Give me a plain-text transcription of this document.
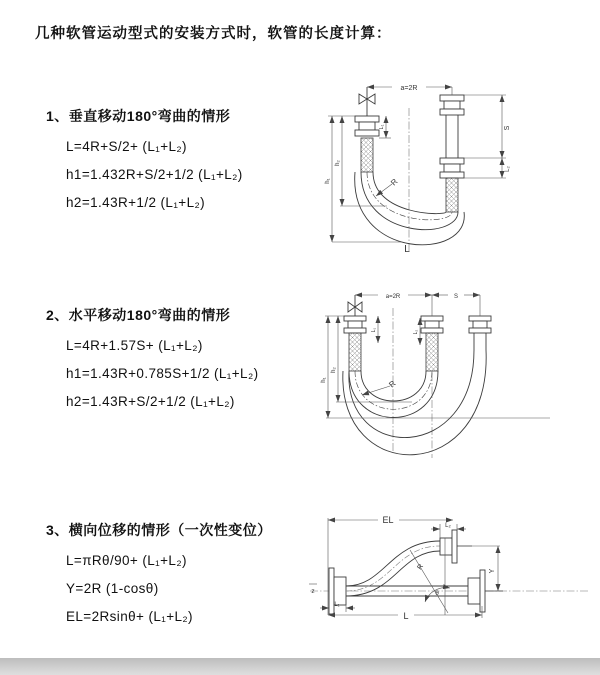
几种软管运动型式的安装方式时，软管的长度计算：
1、垂直移动180°弯曲的情形
L=4R+S/2+ (L₁+L₂)
h1=1.432R+S/2+1/2 (L₁+L₂)
h2=1.43R+1/2 (L₁+L₂)
2、水平移动180°弯曲的情形
L=4R+1.57S+ (L₁+L₂)
h1=1.43R+0.785S+1/2 (L₁+L₂)
h2=1.43R+S/2+1/2 (L₁+L₂)
3、横向位移的情形（一次性变位）
L=πRθ/90+ (L₁+L₂)
Y=2R (1-cosθ)
EL=2Rsinθ+ (L₁+L₂)
a=2R
S
L₂
h₁
h₂
L₁
R
L
a=2R	S
h₁
h₂
L₁	L₂
R
z
EL
L₂
Y
L₁
R
θ
L
